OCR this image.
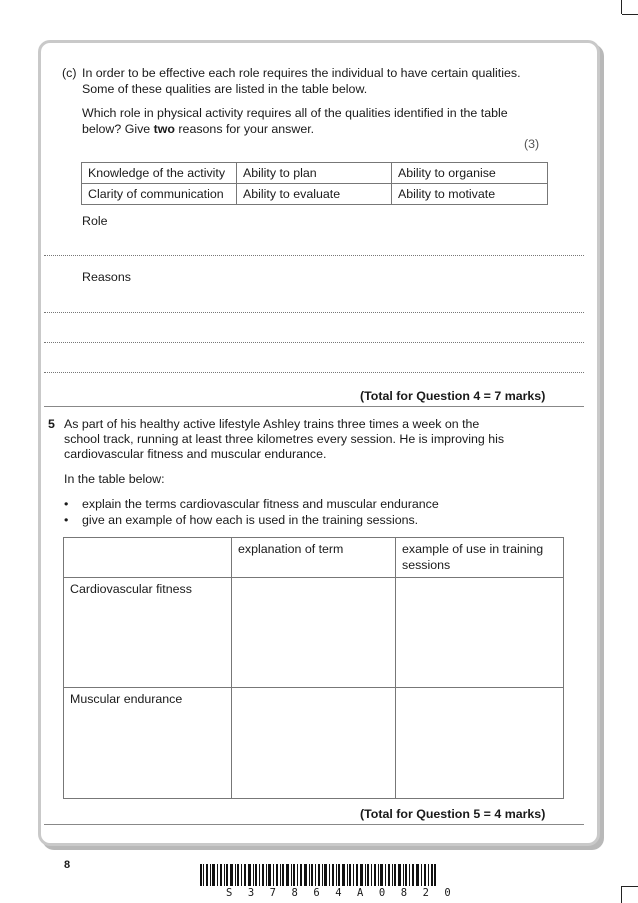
(c) In order to be effective each role requires the individual to have certain qualities.
Some of these qualities are listed in the table below.
Which role in physical activity requires all of the qualities identified in the table
below? Give two reasons for your answer.
(3)
Knowledge of the activity	Ability to plan	Ability to organise
Clarity of communication	Ability to evaluate	Ability to motivate
Role
Reasons
(Total for Question 4 = 7 marks)
5 As part of his healthy active lifestyle Ashley trains three times a week on the
school track, running at least three kilometres every session. He is improving his
cardiovascular fitness and muscular endurance.
In the table below:
• explain the terms cardiovascular fitness and muscular endurance
• give an example of how each is used in the training sessions.
	explanation of term	example of use in training sessions
Cardiovascular fitness		
Muscular endurance		
(Total for Question 5 = 4 marks)
8
S 3 7 8 6 4 A 0 8 2 0
